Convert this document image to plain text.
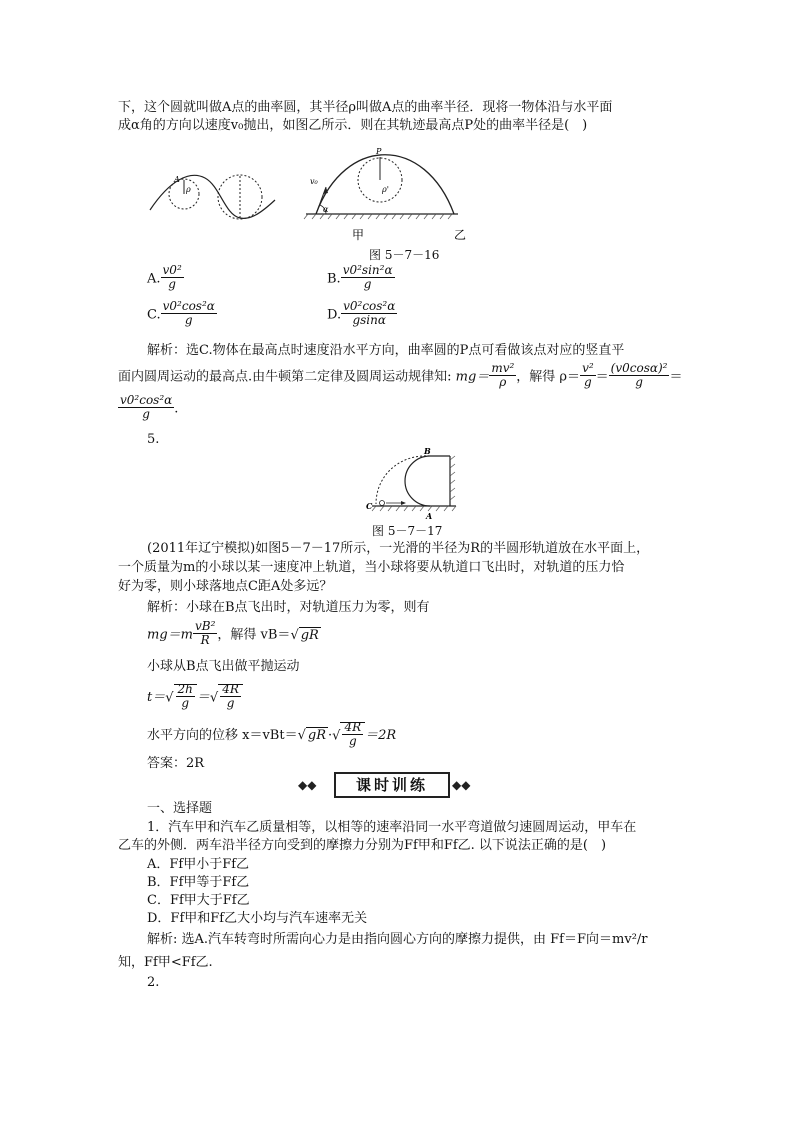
下，这个圆就叫做A点的曲率圆，其半径ρ叫做A点的曲率半径．现将一物体沿与水平面
成α角的方向以速度v₀抛出，如图乙所示．则在其轨迹最高点P处的曲率半径是(　)
A
ρ
P
ρ'
v₀
α
甲	乙
图 5－7－16
A. $\frac{\text{v0²}}{g}$	B. $\frac{\text{v0²sin²α}}{g}$
C. $\frac{\text{v0²cos²α}}{g}$	D. $\frac{\text{v0²cos²α}}{gsin\alpha}$
解析：选C.物体在最高点时速度沿水平方向，曲率圆的P点可看做该点对应的竖直平
面内圆周运动的最高点.由牛顿第二定律及圆周运动规律知: $mg= \frac{\text{mv²}}{\rho}$ ，解得 $\rho= \frac{\text{v²}}{g} = \frac{\text{(v0cosα)²}}{g}$ ＝
$\frac{\text{v0²cos²α}}{g}$ .
5.
B
C
A
图 5－7－17
(2011年辽宁模拟)如图5－7－17所示，一光滑的半径为R的半圆形轨道放在水平面上，
一个质量为m的小球以某一速度冲上轨道，当小球将要从轨道口飞出时，对轨道的压力恰
好为零，则小球落地点C距A处多远？
解析：小球在B点飞出时，对轨道压力为零，则有
$mg=m \frac{\text{vB²}}{R}$ ，解得 vB＝√ gR
小球从B点飞出做平抛运动
$t=√ \frac{2h}{g}$ ＝√ $\frac{4R}{g}$
水平方向的位移 x＝vBt＝√ gR ·√ $\frac{4R}{g} =2R$
答案：2R
◆◆	课时训练 ◆◆
一、选择题
1．汽车甲和汽车乙质量相等，以相等的速率沿同一水平弯道做匀速圆周运动，甲车在
乙车的外侧．两车沿半径方向受到的摩擦力分别为Ff甲和Ff乙. 以下说法正确的是(　)
A．Ff甲小于Ff乙
B．Ff甲等于Ff乙
C．Ff甲大于Ff乙
D．Ff甲和Ff乙大小均与汽车速率无关
解析: 选A.汽车转弯时所需向心力是由指向圆心方向的摩擦力提供，由 Ff＝F向＝mv²/r
知，Ff甲<Ff乙.
2.
